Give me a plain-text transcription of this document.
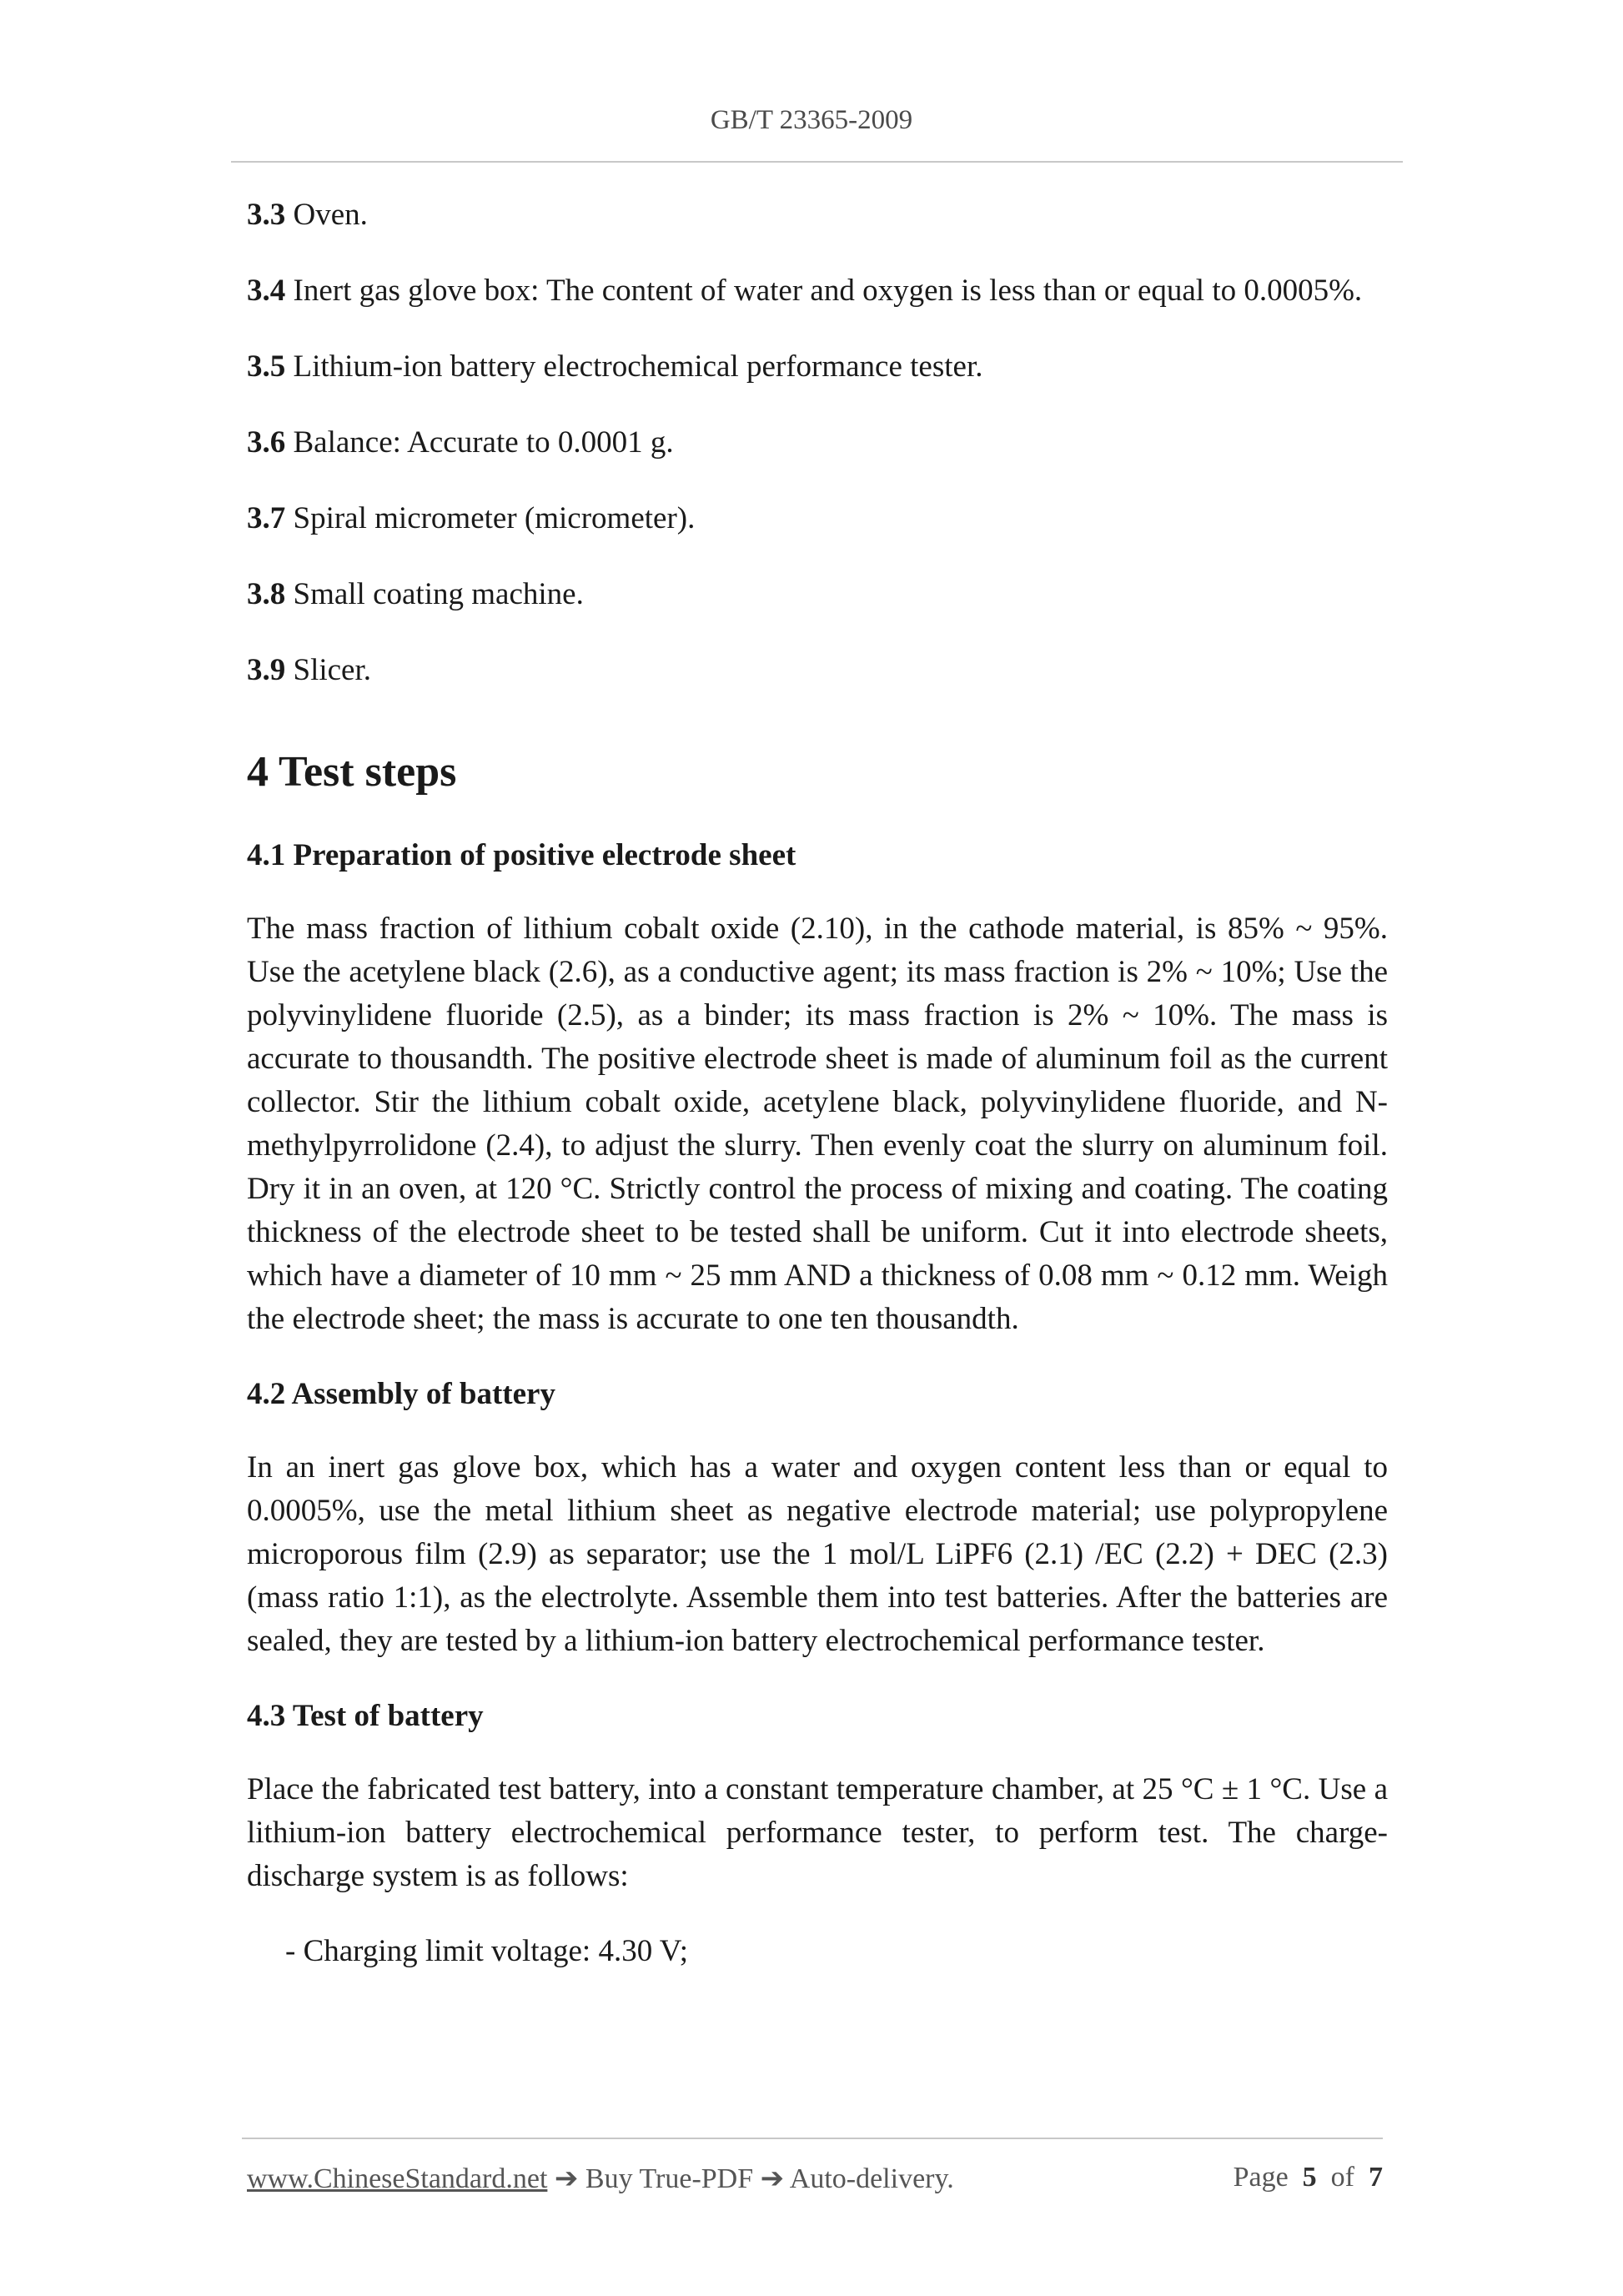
GB/T 23365-2009

3.3 Oven.

3.4 Inert gas glove box: The content of water and oxygen is less than or equal to 0.0005%.

3.5 Lithium-ion battery electrochemical performance tester.

3.6 Balance: Accurate to 0.0001 g.

3.7 Spiral micrometer (micrometer).

3.8 Small coating machine.

3.9 Slicer.

4 Test steps
4.1 Preparation of positive electrode sheet

The mass fraction of lithium cobalt oxide (2.10), in the cathode material, is 85% ~ 95%. Use the acetylene black (2.6), as a conductive agent; its mass fraction is 2% ~ 10%; Use the polyvinylidene fluoride (2.5), as a binder; its mass fraction is 2% ~ 10%. The mass is accurate to thousandth. The positive electrode sheet is made of aluminum foil as the current collector. Stir the lithium cobalt oxide, acetylene black, polyvinylidene fluoride, and N-methylpyrrolidone (2.4), to adjust the slurry. Then evenly coat the slurry on aluminum foil. Dry it in an oven, at 120 °C. Strictly control the process of mixing and coating. The coating thickness of the electrode sheet to be tested shall be uniform. Cut it into electrode sheets, which have a diameter of 10 mm ~ 25 mm AND a thickness of 0.08 mm ~ 0.12 mm. Weigh the electrode sheet; the mass is accurate to one ten thousandth.

4.2 Assembly of battery

In an inert gas glove box, which has a water and oxygen content less than or equal to 0.0005%, use the metal lithium sheet as negative electrode material; use polypropylene microporous film (2.9) as separator; use the 1 mol/L LiPF6 (2.1) /EC (2.2) + DEC (2.3) (mass ratio 1:1), as the electrolyte. Assemble them into test batteries. After the batteries are sealed, they are tested by a lithium-ion battery electrochemical performance tester.

4.3 Test of battery

Place the fabricated test battery, into a constant temperature chamber, at 25 °C ± 1 °C. Use a lithium-ion battery electrochemical performance tester, to perform test. The charge-discharge system is as follows:

- Charging limit voltage: 4.30 V;

www.ChineseStandard.net ➔ Buy True-PDF ➔ Auto-delivery.	Page 5 of 7
